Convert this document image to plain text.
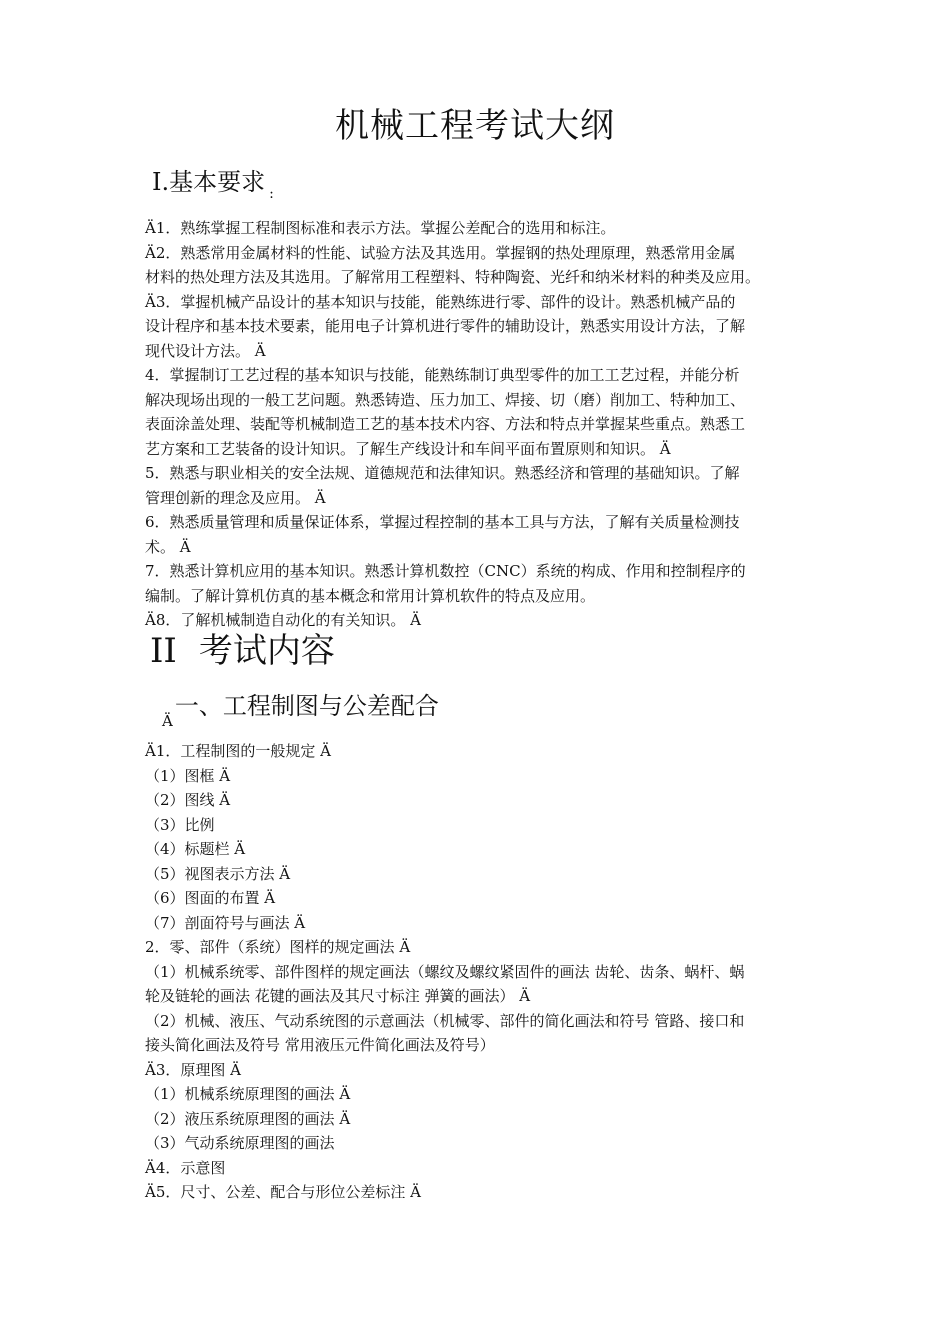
机械工程考试大纲
I.基本要求 $_:$
Ä1．熟练掌握工程制图标准和表示方法。掌握公差配合的选用和标注。
Ä2．熟悉常用金属材料的性能、试验方法及其选用。掌握钢的热处理原理，熟悉常用金属
材料的热处理方法及其选用。了解常用工程塑料、特种陶瓷、光纤和纳米材料的种类及应用。
Ä3．掌握机械产品设计的基本知识与技能，能熟练进行零、部件的设计。熟悉机械产品的
设计程序和基本技术要素，能用电子计算机进行零件的辅助设计，熟悉实用设计方法，了解
现代设计方法。 Ä
4．掌握制订工艺过程的基本知识与技能，能熟练制订典型零件的加工工艺过程，并能分析
解决现场出现的一般工艺问题。熟悉铸造、压力加工、焊接、切（磨）削加工、特种加工、
表面涂盖处理、装配等机械制造工艺的基本技术内容、方法和特点并掌握某些重点。熟悉工
艺方案和工艺装备的设计知识。了解生产线设计和车间平面布置原则和知识。 Ä
5．熟悉与职业相关的安全法规、道德规范和法律知识。熟悉经济和管理的基础知识。了解
管理创新的理念及应用。 Ä
6．熟悉质量管理和质量保证体系，掌握过程控制的基本工具与方法，了解有关质量检测技
术。 Ä
7．熟悉计算机应用的基本知识。熟悉计算机数控（CNC）系统的构成、作用和控制程序的
编制。了解计算机仿真的基本概念和常用计算机软件的特点及应用。
Ä8．了解机械制造自动化的有关知识。 Ä
II 考试内容
$_Ä$一、工程制图与公差配合
Ä1．工程制图的一般规定 Ä
（1）图框 Ä
（2）图线 Ä
（3）比例
（4）标题栏 Ä
（5）视图表示方法 Ä
（6）图面的布置 Ä
（7）剖面符号与画法 Ä
2．零、部件（系统）图样的规定画法 Ä
（1）机械系统零、部件图样的规定画法（螺纹及螺纹紧固件的画法 齿轮、齿条、蜗杆、蜗
轮及链轮的画法 花键的画法及其尺寸标注 弹簧的画法） Ä
（2）机械、液压、气动系统图的示意画法（机械零、部件的简化画法和符号 管路、接口和
接头简化画法及符号 常用液压元件简化画法及符号）
Ä3．原理图 Ä
（1）机械系统原理图的画法 Ä
（2）液压系统原理图的画法 Ä
（3）气动系统原理图的画法
Ä4．示意图
Ä5．尺寸、公差、配合与形位公差标注 Ä
